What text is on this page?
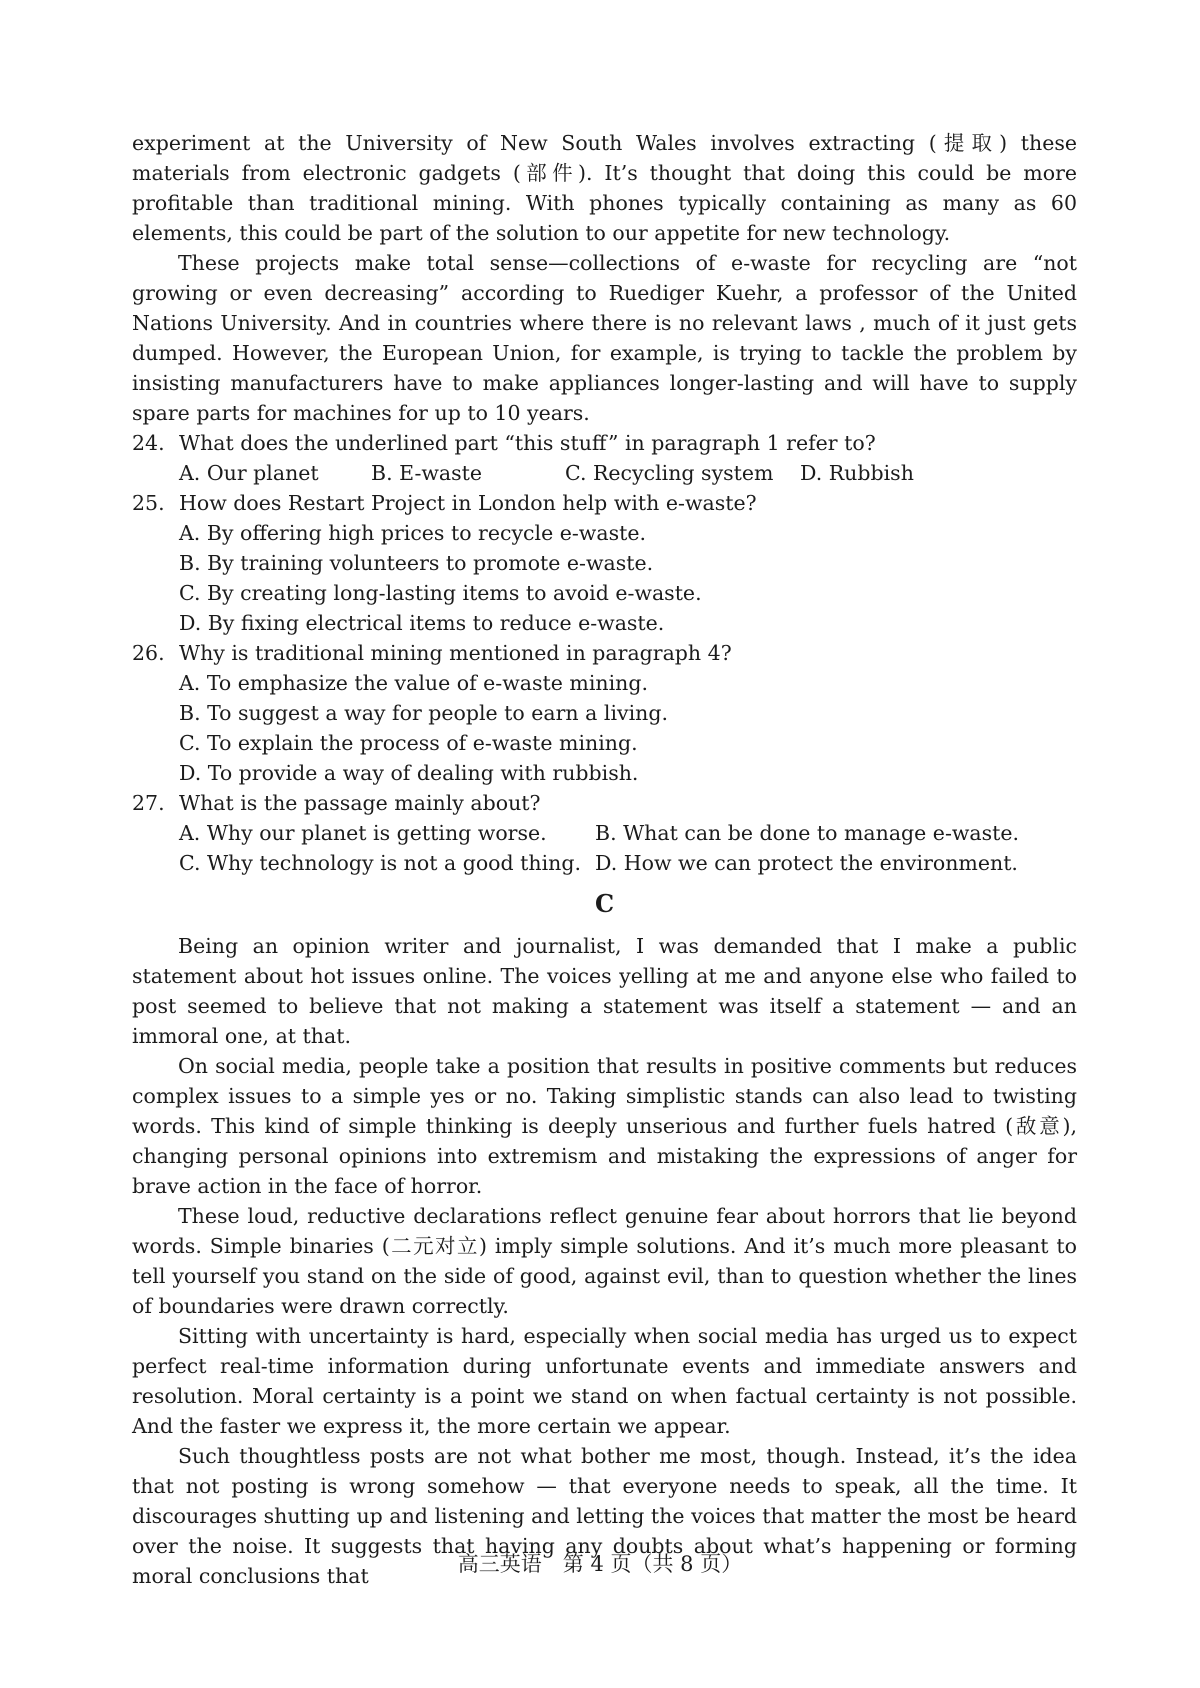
experiment at the University of New South Wales involves extracting (提取) these materials from electronic gadgets (部件). It’s thought that doing this could be more profitable than traditional mining. With phones typically containing as many as 60 elements, this could be part of the solution to our appetite for new technology.

These projects make total sense—collections of e-waste for recycling are “not growing or even decreasing” according to Ruediger Kuehr, a professor of the United Nations University. And in countries where there is no relevant laws , much of it just gets dumped. However, the European Union, for example, is trying to tackle the problem by insisting manufacturers have to make appliances longer-lasting and will have to supply spare parts for machines for up to 10 years.

24. What does the underlined part “this stuff” in paragraph 1 refer to?

A. Our planet	B. E-waste	C. Recycling system	D. Rubbish

25. How does Restart Project in London help with e-waste?

A. By offering high prices to recycle e-waste.

B. By training volunteers to promote e-waste.

C. By creating long-lasting items to avoid e-waste.

D. By fixing electrical items to reduce e-waste.

26. Why is traditional mining mentioned in paragraph 4?

A. To emphasize the value of e-waste mining.

B. To suggest a way for people to earn a living.

C. To explain the process of e-waste mining.

D. To provide a way of dealing with rubbish.

27. What is the passage mainly about?

A. Why our planet is getting worse.	B. What can be done to manage e-waste.
C. Why technology is not a good thing. D. How we can protect the environment.
C

Being an opinion writer and journalist, I was demanded that I make a public statement about hot issues online. The voices yelling at me and anyone else who failed to post seemed to believe that not making a statement was itself a statement — and an immoral one, at that.

On social media, people take a position that results in positive comments but reduces complex issues to a simple yes or no. Taking simplistic stands can also lead to twisting words. This kind of simple thinking is deeply unserious and further fuels hatred (敌意), changing personal opinions into extremism and mistaking the expressions of anger for brave action in the face of horror.

These loud, reductive declarations reflect genuine fear about horrors that lie beyond words. Simple binaries (二元对立) imply simple solutions. And it’s much more pleasant to tell yourself you stand on the side of good, against evil, than to question whether the lines of boundaries were drawn correctly.

Sitting with uncertainty is hard, especially when social media has urged us to expect perfect real-time information during unfortunate events and immediate answers and resolution. Moral certainty is a point we stand on when factual certainty is not possible. And the faster we express it, the more certain we appear.

Such thoughtless posts are not what bother me most, though. Instead, it’s the idea that not posting is wrong somehow — that everyone needs to speak, all the time. It discourages shutting up and listening and letting the voices that matter the most be heard over the noise. It suggests that having any doubts about what’s happening or forming moral conclusions that	高三英语　第 4 页（共 8 页）
